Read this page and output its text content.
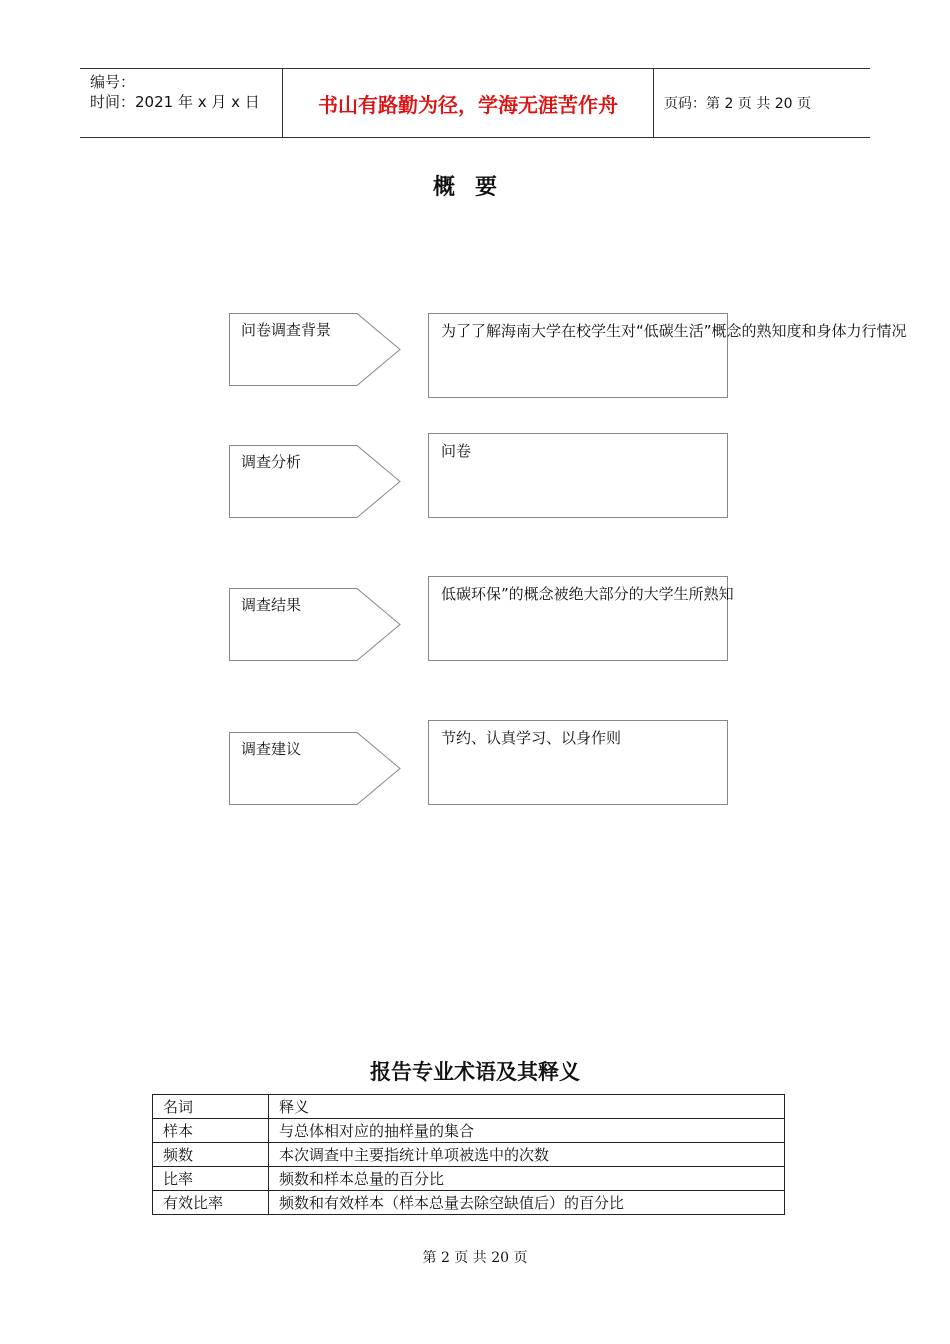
编号：
时间：2021 年 x 月 x 日	书山有路勤为径，学海无涯苦作舟	页码：第 2 页 共 20 页
概要
问卷调查背景	为了了解海南大学在校学生对“低碳生活”概念的熟知度和身体力行情况
调查分析
问卷
调查结果
低碳环保”的概念被绝大部分的大学生所熟知
调查建议
节约、认真学习、以身作则
报告专业术语及其释义
名词	释义
样本	与总体相对应的抽样量的集合
频数	本次调查中主要指统计单项被选中的次数
比率	频数和样本总量的百分比
有效比率	频数和有效样本（样本总量去除空缺值后）的百分比
第 2 页 共 20 页
